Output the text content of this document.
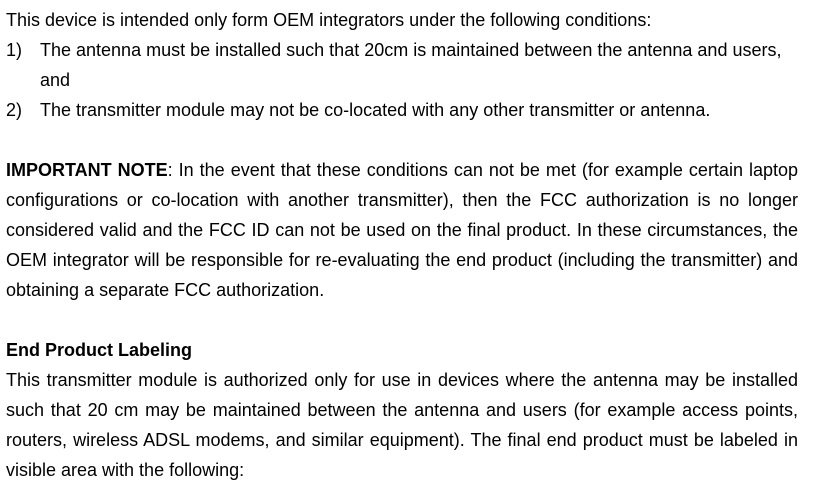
This device is intended only form OEM integrators under the following conditions:

1) The antenna must be installed such that 20cm is maintained between the antenna and users, and
2) The transmitter module may not be co-located with any other transmitter or antenna.

IMPORTANT NOTE: In the event that these conditions can not be met (for example certain laptop configurations or co-location with another transmitter), then the FCC authorization is no longer considered valid and the FCC ID can not be used on the final product. In these circumstances, the OEM integrator will be responsible for re-evaluating the end product (including the transmitter) and obtaining a separate FCC authorization.

End Product Labeling

This transmitter module is authorized only for use in devices where the antenna may be installed such that 20 cm may be maintained between the antenna and users (for example access points, routers, wireless ADSL modems, and similar equipment). The final end product must be labeled in visible area with the following:
